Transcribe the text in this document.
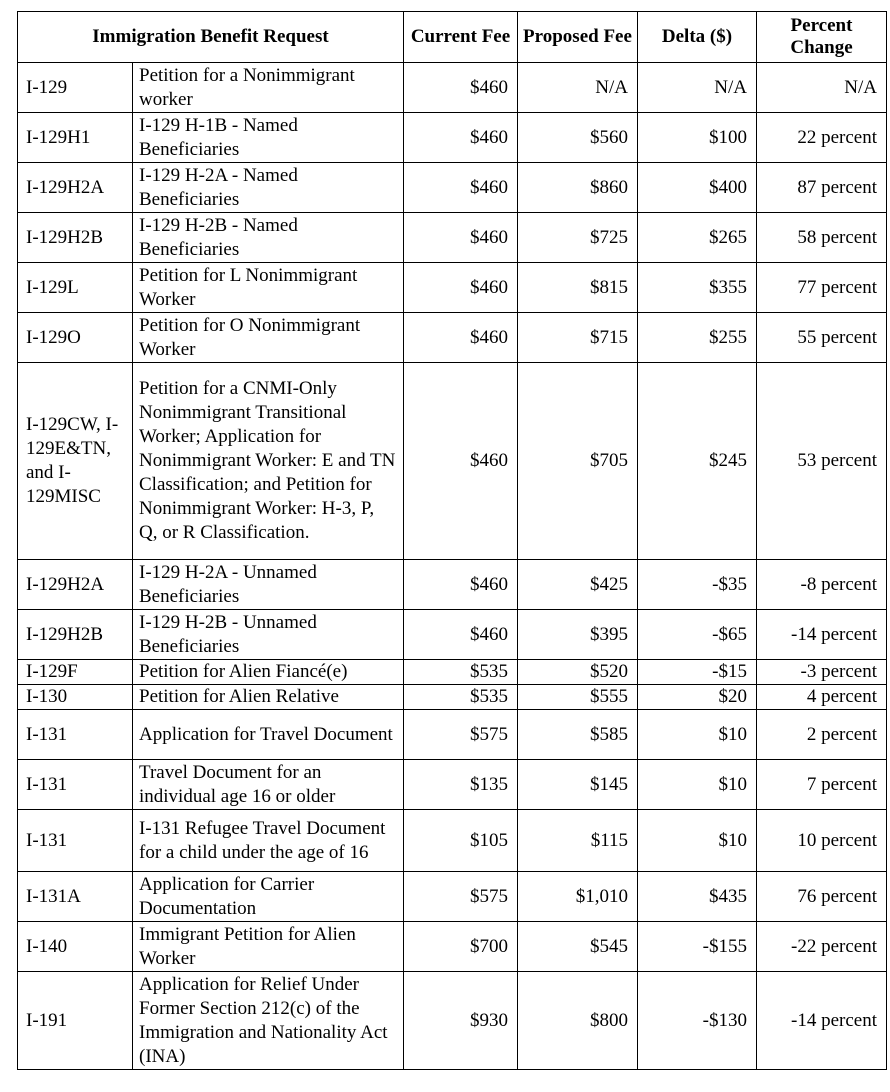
Immigration Benefit Request		Current Fee	Proposed Fee	Delta ($)	Percent Change
I-129	Petition for a Nonimmigrant worker	$460	N/A	N/A	N/A
I-129H1	I-129 H-1B - Named Beneficiaries	$460	$560	$100	22 percent
I-129H2A	I-129 H-2A - Named Beneficiaries	$460	$860	$400	87 percent
I-129H2B	I-129 H-2B - Named Beneficiaries	$460	$725	$265	58 percent
I-129L	Petition for L Nonimmigrant Worker	$460	$815	$355	77 percent
I-129O	Petition for O Nonimmigrant Worker	$460	$715	$255	55 percent
I-129CW, I-129E&TN, and I-129MISC	Petition for a CNMI-Only Nonimmigrant Transitional Worker; Application for Nonimmigrant Worker: E and TN Classification; and Petition for Nonimmigrant Worker: H-3, P, Q, or R Classification.	$460	$705	$245	53 percent
I-129H2A	I-129 H-2A - Unnamed Beneficiaries	$460	$425	-$35	-8 percent
I-129H2B	I-129 H-2B - Unnamed Beneficiaries	$460	$395	-$65	-14 percent
I-129F	Petition for Alien Fiancé(e)	$535	$520	-$15	-3 percent
I-130	Petition for Alien Relative	$535	$555	$20	4 percent
I-131	Application for Travel Document	$575	$585	$10	2 percent
I-131	Travel Document for an individual age 16 or older	$135	$145	$10	7 percent
I-131	I-131 Refugee Travel Document for a child under the age of 16	$105	$115	$10	10 percent
I-131A	Application for Carrier Documentation	$575	$1,010	$435	76 percent
I-140	Immigrant Petition for Alien Worker	$700	$545	-$155	-22 percent
I-191	Application for Relief Under Former Section 212(c) of the Immigration and Nationality Act (INA)	$930	$800	-$130	-14 percent
